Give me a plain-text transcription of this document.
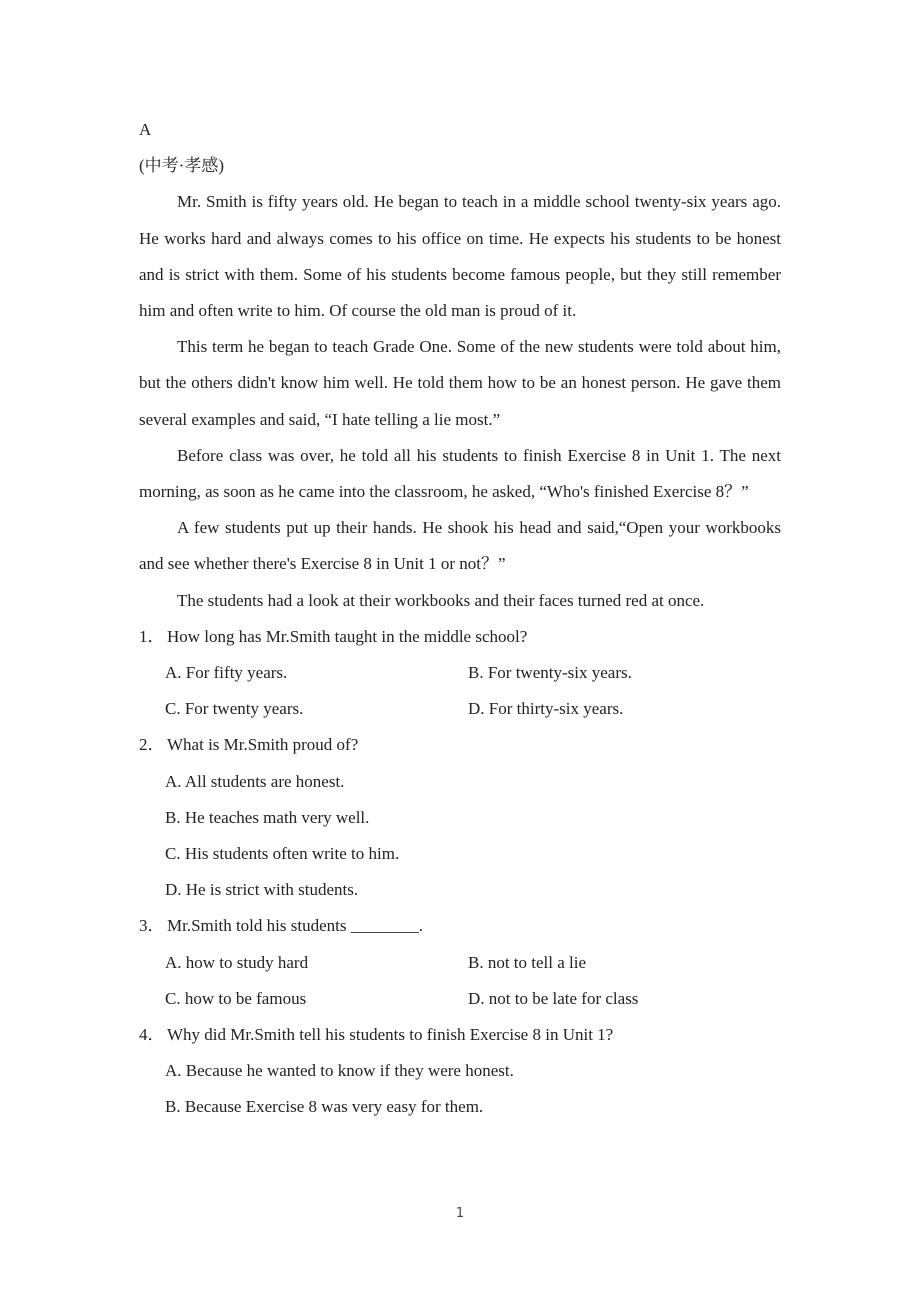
A
(中考·孝感)
Mr. Smith is fifty years old. He began to teach in a middle school twenty-six years ago. He works hard and always comes to his office on time. He expects his students to be honest and is strict with them. Some of his students become famous people, but they still remember him and often write to him. Of course the old man is proud of it.
This term he began to teach Grade One. Some of the new students were told about him, but the others didn't know him well. He told them how to be an honest person. He gave them several examples and said, “I hate telling a lie most.”
Before class was over, he told all his students to finish Exercise 8 in Unit 1. The next morning, as soon as he came into the classroom, he asked, “Who's finished Exercise 8？”
A few students put up their hands. He shook his head and said,“Open your workbooks and see whether there's Exercise 8 in Unit 1 or not？”
The students had a look at their workbooks and their faces turned red at once.
1． How long has Mr.Smith taught in the middle school?
A. For fifty years.	B. For twenty-six years.
C. For twenty years.	D. For thirty-six years.
2． What is Mr.Smith proud of?
A. All students are honest.
B. He teaches math very well.
C. His students often write to him.
D. He is strict with students.
3． Mr.Smith told his students ________.
A. how to study hard	B. not to tell a lie
C. how to be famous	D. not to be late for class
4． Why did Mr.Smith tell his students to finish Exercise 8 in Unit 1?
A. Because he wanted to know if they were honest.
B. Because Exercise 8 was very easy for them.
1
